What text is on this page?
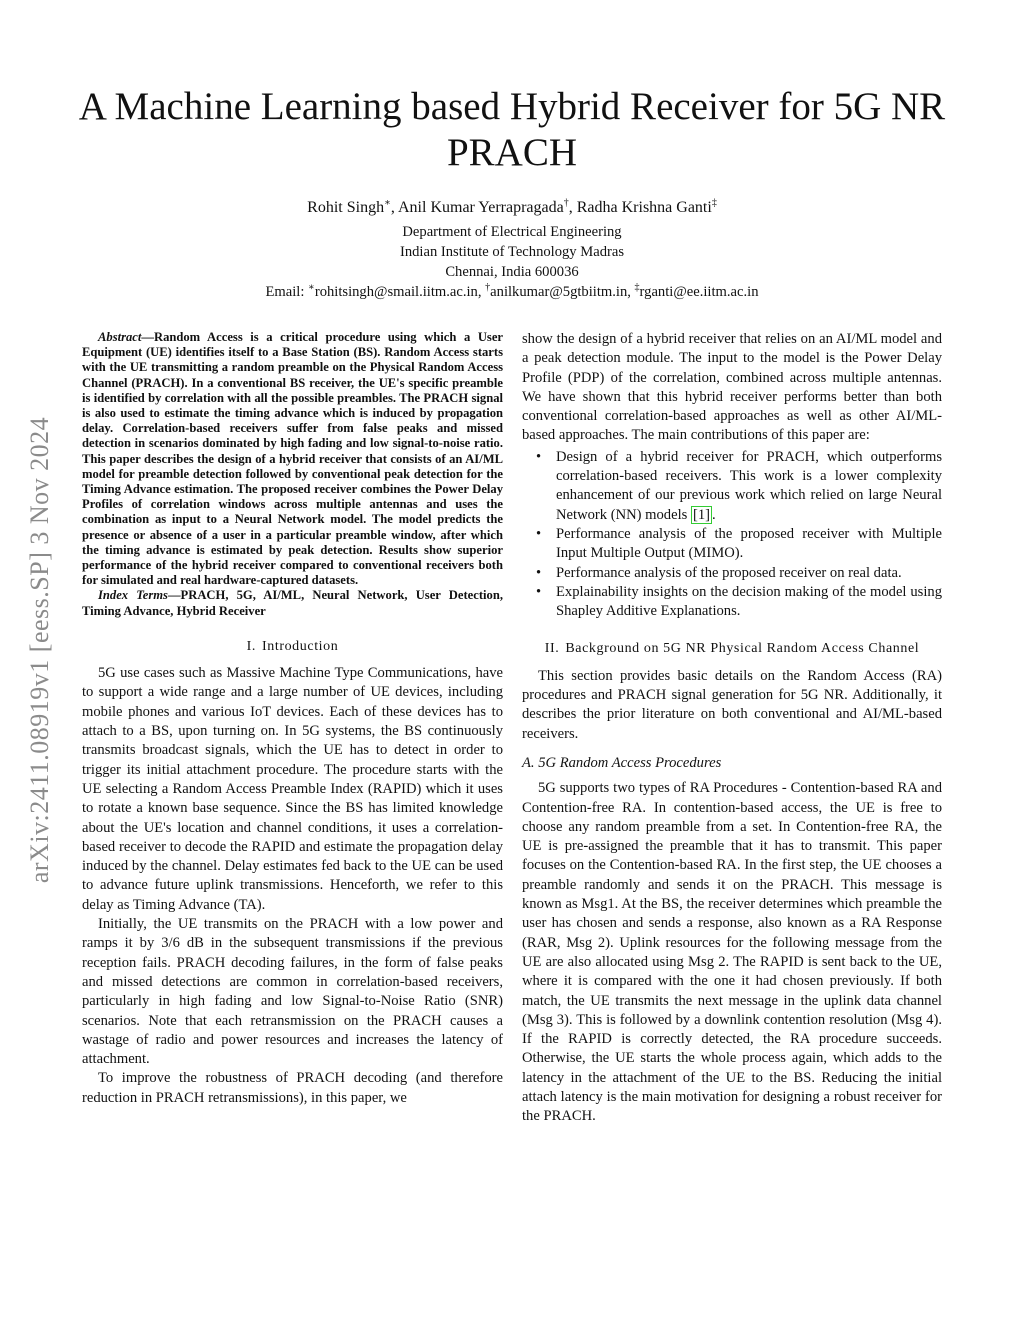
arXiv:2411.08919v1 [eess.SP] 3 Nov 2024
A Machine Learning based Hybrid Receiver for 5G NR PRACH
Rohit Singh∗, Anil Kumar Yerrapragada†, Radha Krishna Ganti‡
Department of Electrical Engineering
Indian Institute of Technology Madras
Chennai, India 600036
Email: ∗rohitsingh@smail.iitm.ac.in, †anilkumar@5gtbiitm.in, ‡rganti@ee.iitm.ac.in

Abstract—Random Access is a critical procedure using which a User Equipment (UE) identifies itself to a Base Station (BS). Random Access starts with the UE transmitting a random preamble on the Physical Random Access Channel (PRACH). In a conventional BS receiver, the UE's specific preamble is identified by correlation with all the possible preambles. The PRACH signal is also used to estimate the timing advance which is induced by propagation delay. Correlation-based receivers suffer from false peaks and missed detection in scenarios dominated by high fading and low signal-to-noise ratio. This paper describes the design of a hybrid receiver that consists of an AI/ML model for preamble detection followed by conventional peak detection for the Timing Advance estimation. The proposed receiver combines the Power Delay Profiles of correlation windows across multiple antennas and uses the combination as input to a Neural Network model. The model predicts the presence or absence of a user in a particular preamble window, after which the timing advance is estimated by peak detection. Results show superior performance of the hybrid receiver compared to conventional receivers both for simulated and real hardware-captured datasets.

Index Terms—PRACH, 5G, AI/ML, Neural Network, User Detection, Timing Advance, Hybrid Receiver

I. Introduction

5G use cases such as Massive Machine Type Communications, have to support a wide range and a large number of UE devices, including mobile phones and various IoT devices. Each of these devices has to attach to a BS, upon turning on. In 5G systems, the BS continuously transmits broadcast signals, which the UE has to detect in order to trigger its initial attachment procedure. The procedure starts with the UE selecting a Random Access Preamble Index (RAPID) which it uses to rotate a known base sequence. Since the BS has limited knowledge about the UE's location and channel conditions, it uses a correlation-based receiver to decode the RAPID and estimate the propagation delay induced by the channel. Delay estimates fed back to the UE can be used to advance future uplink transmissions. Henceforth, we refer to this delay as Timing Advance (TA).

Initially, the UE transmits on the PRACH with a low power and ramps it by 3/6 dB in the subsequent transmissions if the previous reception fails. PRACH decoding failures, in the form of false peaks and missed detections are common in correlation-based receivers, particularly in high fading and low Signal-to-Noise Ratio (SNR) scenarios. Note that each retransmission on the PRACH causes a wastage of radio and power resources and increases the latency of attachment.

To improve the robustness of PRACH decoding (and therefore reduction in PRACH retransmissions), in this paper, we

show the design of a hybrid receiver that relies on an AI/ML model and a peak detection module. The input to the model is the Power Delay Profile (PDP) of the correlation, combined across multiple antennas. We have shown that this hybrid receiver performs better than both conventional correlation-based approaches as well as other AI/ML-based approaches. The main contributions of this paper are:

• Design of a hybrid receiver for PRACH, which outperforms correlation-based receivers. This work is a lower complexity enhancement of our previous work which relied on large Neural Network (NN) models [1] .
• Performance analysis of the proposed receiver with Multiple Input Multiple Output (MIMO).
• Performance analysis of the proposed receiver on real data.
• Explainability insights on the decision making of the model using Shapley Additive Explanations.
II. Background on 5G NR Physical Random Access Channel

This section provides basic details on the Random Access (RA) procedures and PRACH signal generation for 5G NR. Additionally, it describes the prior literature on both conventional and AI/ML-based receivers.

A. 5G Random Access Procedures

5G supports two types of RA Procedures - Contention-based RA and Contention-free RA. In contention-based access, the UE is free to choose any random preamble from a set. In Contention-free RA, the UE is pre-assigned the preamble that it has to transmit. This paper focuses on the Contention-based RA. In the first step, the UE chooses a preamble randomly and sends it on the PRACH. This message is known as Msg1. At the BS, the receiver determines which preamble the user has chosen and sends a response, also known as a RA Response (RAR, Msg 2). Uplink resources for the following message from the UE are also allocated using Msg 2. The RAPID is sent back to the UE, where it is compared with the one it had chosen previously. If both match, the UE transmits the next message in the uplink data channel (Msg 3). This is followed by a downlink contention resolution (Msg 4). If the RAPID is correctly detected, the RA procedure succeeds. Otherwise, the UE starts the whole process again, which adds to the latency in the attachment of the UE to the BS. Reducing the initial attach latency is the main motivation for designing a robust receiver for the PRACH.
